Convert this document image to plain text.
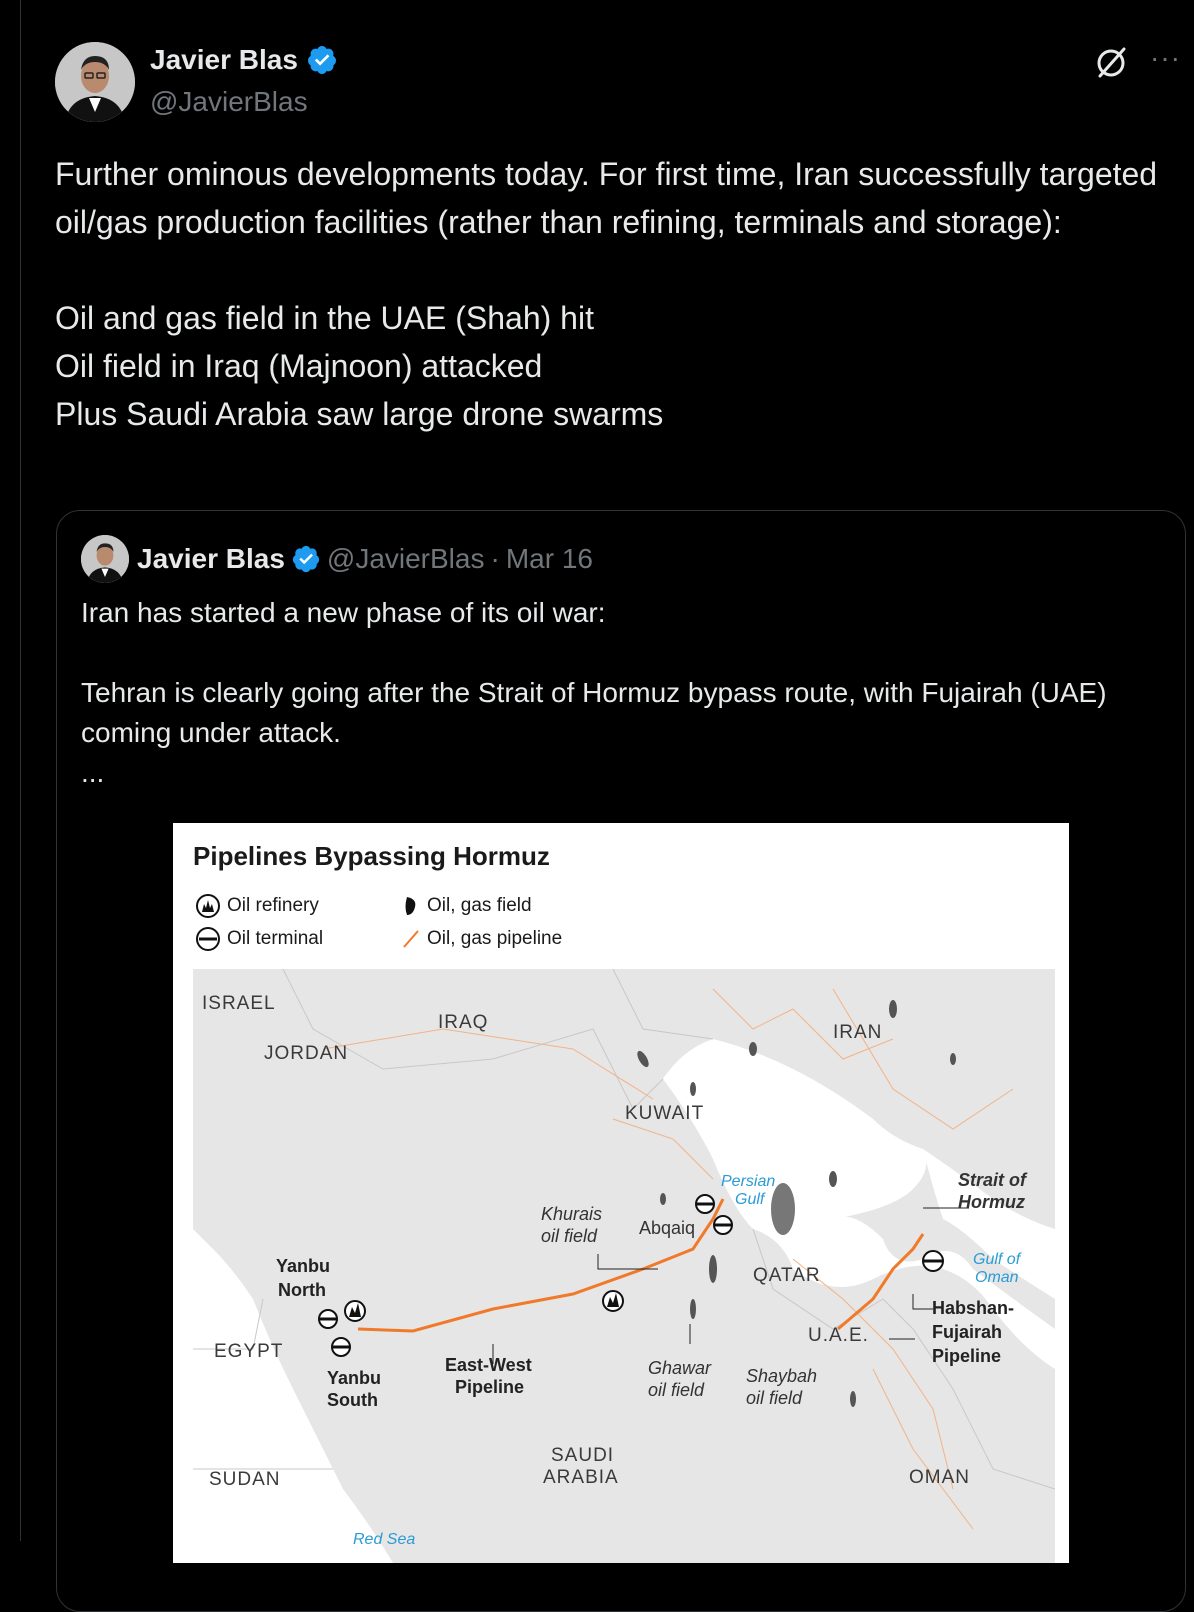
Javier Blas
@JavierBlas
···

Further ominous developments today. For first time, Iran successfully targeted oil/gas production facilities (rather than refining, terminals and storage):

Oil and gas field in the UAE (Shah) hit

Oil field in Iraq (Majnoon) attacked

Plus Saudi Arabia saw large drone swarms

Javier Blas @JavierBlas · Mar 16

Iran has started a new phase of its oil war:

Tehran is clearly going after the Strait of Hormuz bypass route, with Fujairah (UAE) coming under attack.

...

Pipelines Bypassing Hormuz
Oil refinery
Oil terminal
Oil, gas field
Oil, gas pipeline
ISRAEL
JORDAN
IRAQ	IRAN
KUWAIT
QATAR
U.A.E.
EGYPT
SAUDI
ARABIA
SUDAN	OMAN
Yanbu
North
Yanbu
South
East-West
Pipeline
Abqaiq
Khurais
oil field
Ghawar
oil field
Shaybah
oil field
Strait of
Hormuz
Habshan-
Fujairah
Pipeline
Persian
Gulf
Gulf of
Oman
Red Sea
